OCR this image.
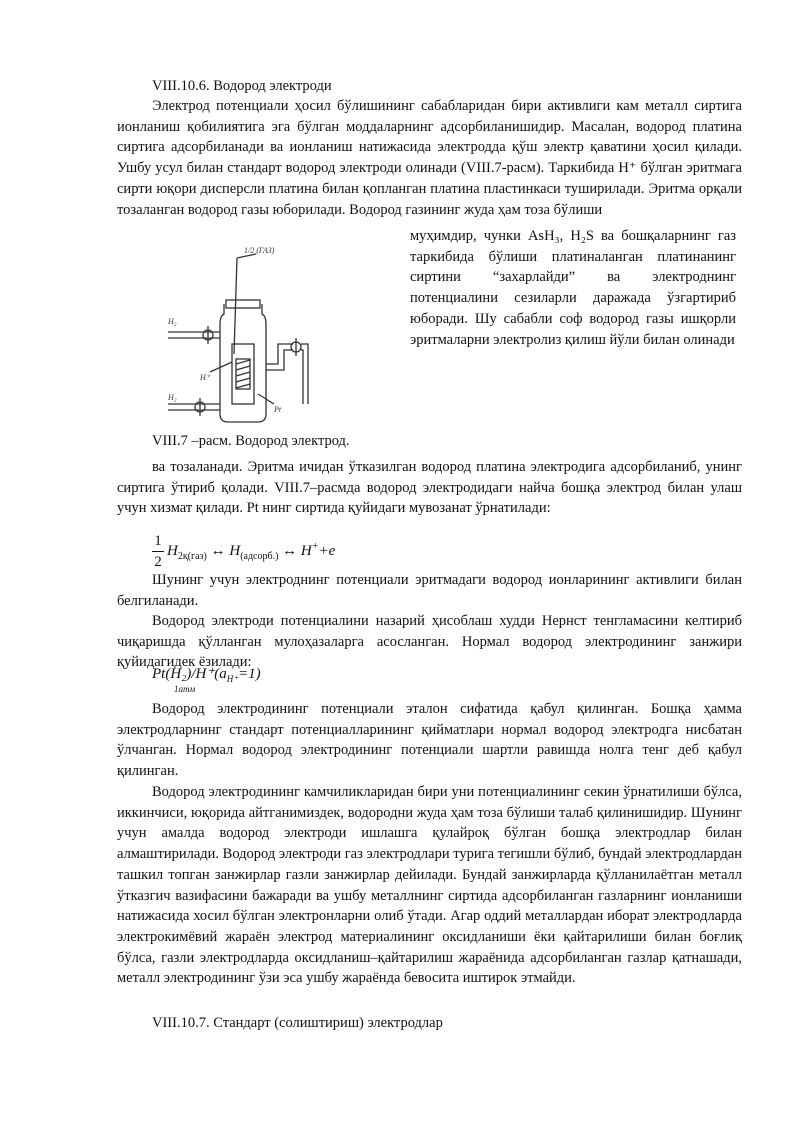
VIII.10.6. Водород электроди

Электрод потенциали ҳосил бўлишининг сабабларидан бири активлиги кам металл сиртига ионланиш қобилиятига эга бўлган моддаларнинг адсорбиланишидир. Масалан, водород платина сиртига адсорбиланади ва ионланиш натижасида электродда қўш электр қаватини ҳосил қилади. Ушбу усул билан стандарт водород электроди олинади (VIII.7-расм). Таркибида Н⁺ бўлган эритмага сирти юқори дисперсли платина билан қопланган платина пластинкаси туширилади. Эритма орқали тозаланган водород газы юборилади. Водород газининг жуда ҳам тоза бўлиши

муҳимдир, чунки AsH₃, H₂S ва бошқаларнинг газ таркибида бўлиши платиналанган платинанинг сиртини “захарлайди” ва электроднинг потенциалини сезиларли даражада ўзгартириб юборади. Шу сабабли соф водород газы ишқорли эритмаларни электролиз қилиш йўли билан олинади

1/2 (ГАЗ)
H₂
H⁺
H₂
Pt

VIII.7 –расм. Водород электрод.

ва тозаланади. Эритма ичидан ўтказилган водород платина электродига адсорбиланиб, унинг сиртига ўтириб қолади. VIII.7–расмда водород электродидаги найча бошқа электрод билан улаш учун хизмат қилади. Pt нинг сиртида қуйидаги мувозанат ўрнатилади:

1
2
$H_{2қ(газ)}$ ↔ $H_{(адсорб.)}$ ↔ H++e

Шунинг учун электроднинг потенциали эритмадаги водород ионларининг активлиги билан белгиланади.

Водород электроди потенциалини назарий ҳисоблаш худди Нернст тенгламасини келтириб чиқаришда қўлланган мулоҳазаларга асосланган. Нормал водород электродининг занжири қуйидагидек ёзилади:

$Pt(H_2)/H^+(a_{H^+}=1)$
1атм

Водород электродининг потенциали эталон сифатида қабул қилинган. Бошқа ҳамма электродларнинг стандарт потенциалларининг қийматлари нормал водород электродга нисбатан ўлчанган. Нормал водород электродининг потенциали шартли равишда нолга тенг деб қабул қилинган.

Водород электродининг камчиликларидан бири уни потенциалининг секин ўрнатилиши бўлса, иккинчиси, юқорида айтганимиздек, водородни жуда ҳам тоза бўлиши талаб қилинишидир. Шунинг учун амалда водород электроди ишлашга қулайроқ бўлган бошқа электродлар билан алмаштирилади. Водород электроди газ электродлари турига тегишли бўлиб, бундай электродлардан ташкил топган занжирлар газли занжирлар дейилади. Бундай занжирларда қўлланилаётган металл ўтказгич вазифасини бажаради ва ушбу металлнинг сиртида адсорбиланган газларнинг ионланиши натижасида хосил бўлган электронларни олиб ўтади. Агар оддий металлардан иборат электродларда электрокимёвий жараён электрод материалининг оксидланиши ёки қайтарилиши билан боғлиқ бўлса, газли электродларда оксидланиш–қайтарилиш жараёнида адсорбиланган газлар қатнашади, металл электродининг ўзи эса ушбу жараёнда бевосита иштирок этмайди.

VIII.10.7. Стандарт (солиштириш) электродлар
